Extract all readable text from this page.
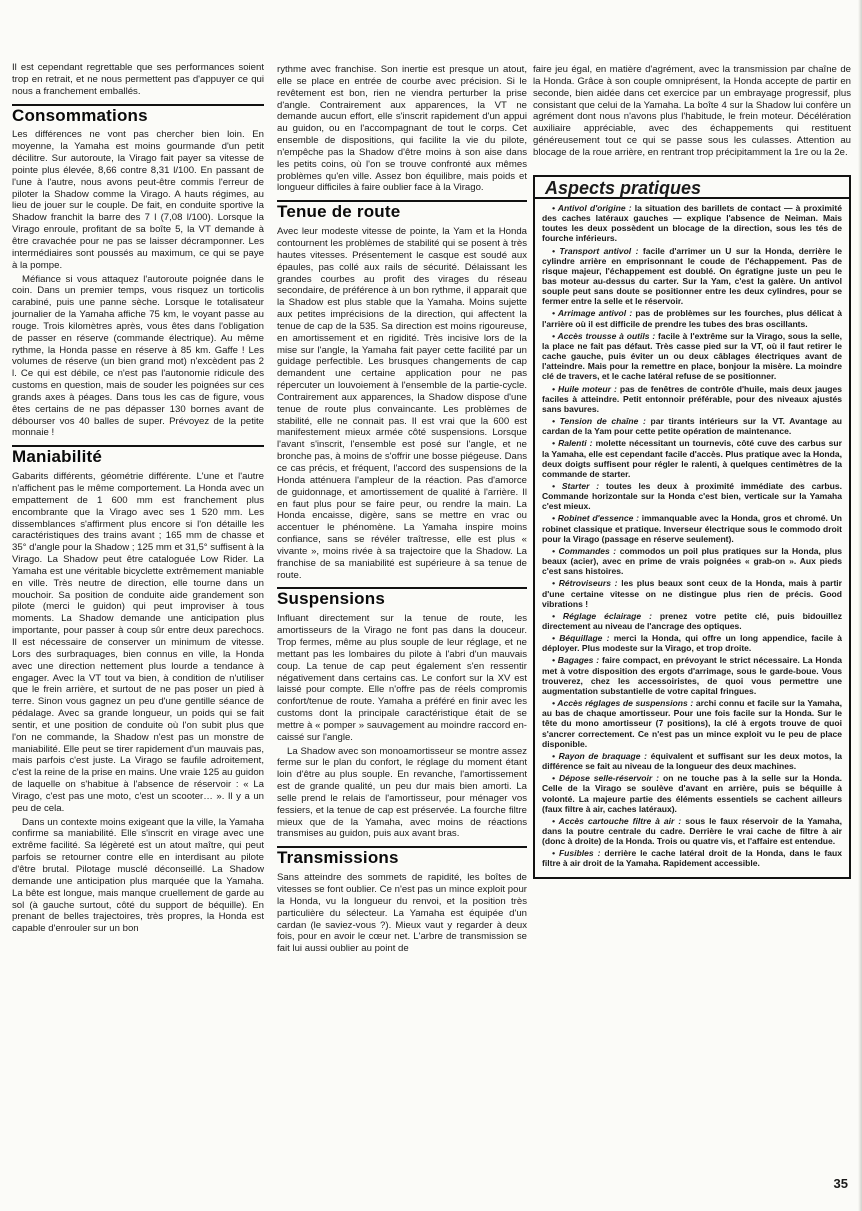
Il est cependant regrettable que ses performances soient trop en retrait, et ne nous permettent pas d'appuyer ce qui nous a franchement emballés.

Consommations

Les différences ne vont pas chercher bien loin. En moyenne, la Yamaha est moins gourmande d'un petit décilitre. Sur autoroute, la Virago fait payer sa vitesse de pointe plus élevée, 8,66 contre 8,31 l/100. En passant de l'une à l'autre, nous avons peut-être commis l'erreur de piloter la Shadow comme la Virago. A hauts régimes, au lieu de jouer sur le couple. De fait, en conduite sportive la Shadow franchit la barre des 7 l (7,08 l/100). Lorsque la Virago enroule, profitant de sa boîte 5, la VT demande à être cravachée pour ne pas se laisser décramponner. Les intermédiaires sont poussés au maximum, ce qui se paye à la pompe.

Méfiance si vous attaquez l'autoroute poignée dans le coin. Dans un premier temps, vous risquez un torticolis carabiné, puis une panne sèche. Lorsque le totalisateur journalier de la Yamaha affiche 75 km, le voyant passe au rouge. Trois kilomètres après, vous êtes dans l'obligation de passer en réserve (commande électrique). Au même rythme, la Honda passe en réserve à 85 km. Gaffe ! Les volumes de réserve (un bien grand mot) n'excèdent pas 2 l. Ce qui est débile, ce n'est pas l'autonomie ridicule des customs en question, mais de souder les poignées sur ces grands axes à péages. Dans tous les cas de figure, vous êtes certains de ne pas dépasser 130 bornes avant de débourser vos 40 balles de super. Prévoyez de la petite monnaie !

Maniabilité

Gabarits différents, géométrie différente. L'une et l'autre n'affichent pas le même comportement. La Honda avec un empattement de 1 600 mm est franchement plus encombrante que la Virago avec ses 1 520 mm. Les dissemblances s'affirment plus encore si l'on détaille les caractéristiques des trains avant ; 165 mm de chasse et 35° d'angle pour la Shadow ; 125 mm et 31,5° suffisent à la Virago. La Shadow peut être cataloguée Low Rider. La Yamaha est une véritable bicyclette extrêmement maniable en ville. Très neutre de direction, elle tourne dans un mouchoir. Sa position de conduite aide grandement son pilote (merci le guidon) qui peut improviser à tous moments. La Shadow demande une anticipation plus importante, pour passer à coup sûr entre deux parechocs. Il est nécessaire de conserver un minimum de vitesse. Lors des surbraquages, bien connus en ville, la Honda avec une direction nettement plus lourde a tendance à engager. Avec la VT tout va bien, à condition de n'utiliser que le frein arrière, et surtout de ne pas poser un pied à terre. Sinon vous gagnez un peu d'une gentille séance de pédalage. Avec sa grande longueur, un poids qui se fait sentir, et une position de conduite où l'on subit plus que l'on ne commande, la Shadow n'est pas un monstre de maniabilité. Elle peut se tirer rapidement d'un mauvais pas, mais parfois c'est juste. La Virago se faufile adroitement, c'est la reine de la prise en mains. Une vraie 125 au guidon de laquelle on s'habitue à l'absence de réservoir : « La Virago, c'est pas une moto, c'est un scooter… ». Il y a un peu de cela.

Dans un contexte moins exigeant que la ville, la Yamaha confirme sa maniabilité. Elle s'inscrit en virage avec une extrême facilité. Sa légèreté est un atout maître, qui peut parfois se retourner contre elle en interdisant au pilote d'être brutal. Pilotage musclé déconseillé. La Shadow demande une anticipation plus marquée que la Yamaha. La bête est longue, mais manque cruellement de garde au sol (à gauche surtout, côté du support de béquille). En prenant de belles trajectoires, très propres, la Honda est capable d'enrouler sur un bon

rythme avec franchise. Son inertie est presque un atout, elle se place en entrée de courbe avec précision. Si le revêtement est bon, rien ne viendra perturber la prise d'angle. Contrairement aux apparences, la VT ne demande aucun effort, elle s'inscrit rapidement d'un appui au guidon, ou en l'accompagnant de tout le corps. Cet ensemble de dispositions, qui facilite la vie du pilote, n'empêche pas la Shadow d'être moins à son aise dans les petits coins, où l'on se trouve confronté aux mêmes problèmes qu'en ville. Assez bon équilibre, mais poids et longueur difficiles à faire oublier face à la Virago.

Tenue de route

Avec leur modeste vitesse de pointe, la Yam et la Honda contournent les problèmes de stabilité qui se posent à très hautes vitesses. Présentement le casque est soudé aux épaules, pas collé aux rails de sécurité. Délaissant les grandes courbes au profit des virages du réseau secondaire, de préférence à un bon rythme, il apparait que la Shadow est plus stable que la Yamaha. Moins sujette aux petites imprécisions de la direction, qui affectent la tenue de cap de la 535. Sa direction est moins rigoureuse, en amortissement et en rigidité. Très incisive lors de la mise sur l'angle, la Yamaha fait payer cette facilité par un guidage perfectible. Les brusques changements de cap demandent une certaine application pour ne pas répercuter un louvoiement à l'ensemble de la partie-cycle. Contrairement aux apparences, la Shadow dispose d'une tenue de route plus convaincante. Les problèmes de stabilité, elle ne connait pas. Il est vrai que la 600 est manifestement mieux armée côté suspensions. Lorsque l'avant s'inscrit, l'ensemble est posé sur l'angle, et ne bronche pas, à moins de s'offrir une bosse piégeuse. Dans ce cas précis, et fréquent, l'accord des suspensions de la Honda atténuera l'ampleur de la réaction. Pas d'amorce de guidonnage, et amortissement de qualité à l'arrière. Il en faut plus pour se faire peur, ou rendre la main. La Honda encaisse, digère, sans se mettre en vrac ou accentuer le phénomène. La Yamaha inspire moins confiance, sans se révéler traîtresse, elle est plus « vivante », moins rivée à sa trajectoire que la Shadow. La franchise de sa maniabilité est supérieure à sa tenue de route.

Suspensions

Influant directement sur la tenue de route, les amortisseurs de la Virago ne font pas dans la douceur. Trop fermes, même au plus souple de leur réglage, et ne mettant pas les lombaires du pilote à l'abri d'un mauvais coup. La tenue de cap peut également s'en ressentir négativement dans certains cas. Le confort sur la XV est laissé pour compte. Elle n'offre pas de réels compromis confort/tenue de route. Yamaha a préféré en finir avec les customs dont la principale caractéristique était de se mettre à « pomper » sauvagement au moindre raccord en-caissé sur l'angle.

La Shadow avec son monoamortisseur se montre assez ferme sur le plan du confort, le réglage du moment étant loin d'être au plus souple. En revanche, l'amortissement est de grande qualité, un peu dur mais bien amorti. La selle prend le relais de l'amortisseur, pour ménager vos fessiers, et la tenue de cap est préservée. La fourche filtre mieux que de la Yamaha, avec moins de réactions transmises au guidon, puis aux avant bras.

Transmissions

Sans atteindre des sommets de rapidité, les boîtes de vitesses se font oublier. Ce n'est pas un mince exploit pour la Honda, vu la longueur du renvoi, et la position très particulière du sélecteur. La Yamaha est équipée d'un cardan (le saviez-vous ?). Mieux vaut y regarder à deux fois, pour en avoir le cœur net. L'arbre de transmission se fait lui aussi oublier au point de

faire jeu égal, en matière d'agrément, avec la transmission par chaîne de la Honda. Grâce à son couple omniprésent, la Honda accepte de partir en seconde, bien aidée dans cet exercice par un embrayage progressif, plus consistant que celui de la Yamaha. La boîte 4 sur la Shadow lui confère un agrément dont nous n'avons plus l'habitude, le frein moteur. Décélération auxiliaire appréciable, avec des échappements qui restituent généreusement tout ce qui se passe sous les culasses. Attention au blocage de la roue arrière, en rentrant trop précipitamment la 1re ou la 2e.

Aspects pratiques

• Antivol d'origine : la situation des barillets de contact — à proximité des caches latéraux gauches — explique l'absence de Neiman. Mais toutes les deux possèdent un blocage de la direction, sous les tés de fourche inférieurs.

• Transport antivol : facile d'arrimer un U sur la Honda, derrière le cylindre arrière en emprisonnant le coude de l'échappement. Pas de risque majeur, l'échappement est doublé. On égratigne juste un peu le bas moteur au-dessus du carter. Sur la Yam, c'est la galère. Un antivol souple peut sans doute se positionner entre les deux cylindres, pour se fermer entre la selle et le réservoir.

• Arrimage antivol : pas de problèmes sur les fourches, plus délicat à l'arrière où il est difficile de prendre les tubes des bras oscillants.

• Accès trousse à outils : facile à l'extrême sur la Virago, sous la selle, la place ne fait pas défaut. Très casse pied sur la VT, où il faut retirer le cache gauche, puis éviter un ou deux câblages électriques avant de l'atteindre. Mais pour la remettre en place, bonjour la misère. La moindre clé de travers, et le cache latéral refuse de se positionner.

• Huile moteur : pas de fenêtres de contrôle d'huile, mais deux jauges faciles à atteindre. Petit entonnoir préférable, pour des niveaux ajustés sans bavures.

• Tension de chaîne : par tirants intérieurs sur la VT. Avantage au cardan de la Yam pour cette petite opération de maintenance.

• Ralenti : molette nécessitant un tournevis, côté cuve des carbus sur la Yamaha, elle est cependant facile d'accès. Plus pratique avec la Honda, deux doigts suffisent pour régler le ralenti, à quelques centimètres de la commande de starter.

• Starter : toutes les deux à proximité immédiate des carbus. Commande horizontale sur la Honda c'est bien, verticale sur la Yamaha c'est mieux.

• Robinet d'essence : immanquable avec la Honda, gros et chromé. Un robinet classique et pratique. Inverseur électrique sous le commodo droit pour la Virago (passage en réserve seulement).

• Commandes : commodos un poil plus pratiques sur la Honda, plus beaux (acier), avec en prime de vrais poignées « grab-on ». Aux pieds c'est sans histoires.

• Rétroviseurs : les plus beaux sont ceux de la Honda, mais à partir d'une certaine vitesse on ne distingue plus rien de précis. Good vibrations !

• Réglage éclairage : prenez votre petite clé, puis bidouillez directement au niveau de l'ancrage des optiques.

• Béquillage : merci la Honda, qui offre un long appendice, facile à déployer. Plus modeste sur la Virago, et trop droite.

• Bagages : faire compact, en prévoyant le strict nécessaire. La Honda met à votre disposition des ergots d'arrimage, sous le garde-boue. Vous trouverez, chez les accessoiristes, de quoi vous permettre une augmentation substantielle de votre capital fringues.

• Accès réglages de suspensions : archi connu et facile sur la Yamaha, au bas de chaque amortisseur. Pour une fois facile sur la Honda. Sur le tête du mono amortisseur (7 positions), la clé à ergots trouve de quoi s'ancrer correctement. Ce n'est pas un mince exploit vu le peu de place disponible.

• Rayon de braquage : équivalent et suffisant sur les deux motos, la différence se fait au niveau de la longueur des deux machines.

• Dépose selle-réservoir : on ne touche pas à la selle sur la Honda. Celle de la Virago se soulève d'avant en arrière, puis se béquille à volonté. La majeure partie des éléments essentiels se cachent ailleurs (faux filtre à air, caches latéraux).

• Accès cartouche filtre à air : sous le faux réservoir de la Yamaha, dans la poutre centrale du cadre. Derrière le vrai cache de filtre à air (donc à droite) de la Honda. Trois ou quatre vis, et l'affaire est entendue.

• Fusibles : derrière le cache latéral droit de la Honda, dans le faux filtre à air droit de la Yamaha. Rapidement accessible.

35
